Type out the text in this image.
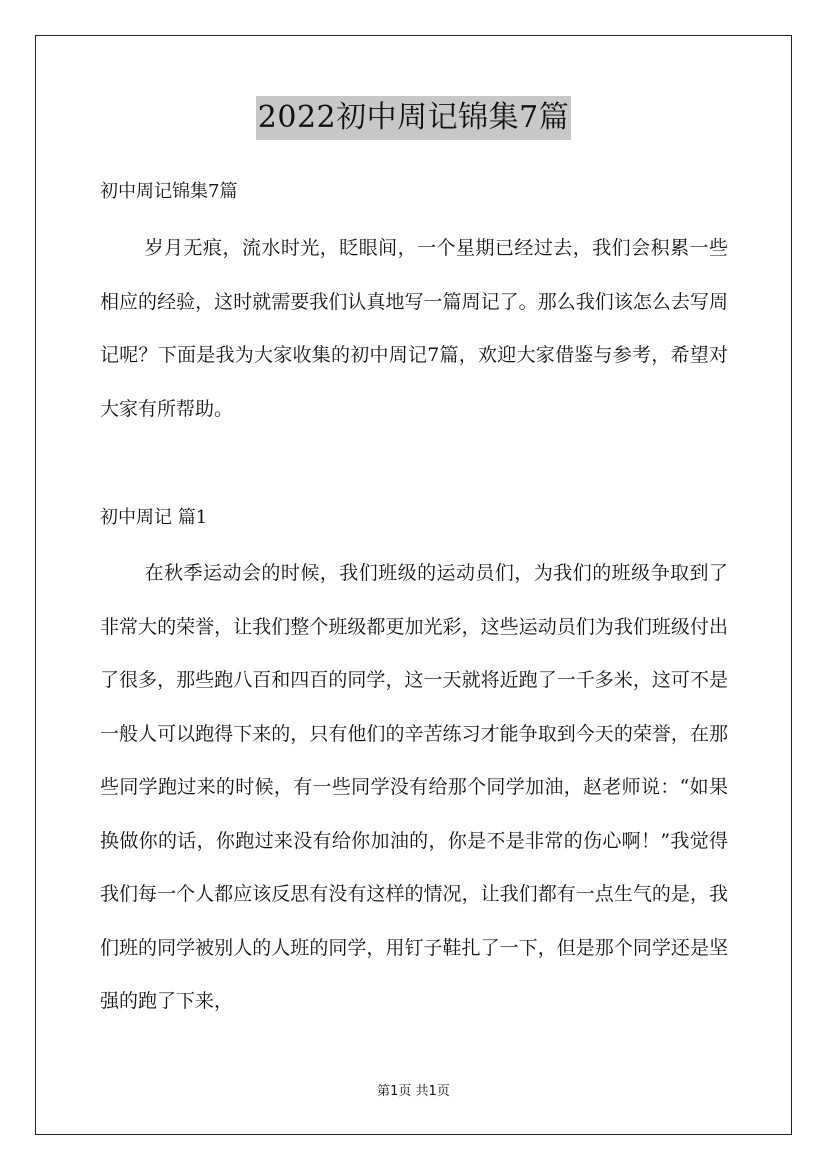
2022初中周记锦集7篇
初中周记锦集7篇

岁月无痕，流水时光，眨眼间，一个星期已经过去，我们会积累一些相应的经验，这时就需要我们认真地写一篇周记了。那么我们该怎么去写周记呢？下面是我为大家收集的初中周记7篇，欢迎大家借鉴与参考，希望对大家有所帮助。

初中周记 篇1

在秋季运动会的时候，我们班级的运动员们，为我们的班级争取到了非常大的荣誉，让我们整个班级都更加光彩，这些运动员们为我们班级付出了很多，那些跑八百和四百的同学，这一天就将近跑了一千多米，这可不是一般人可以跑得下来的，只有他们的辛苦练习才能争取到今天的荣誉，在那些同学跑过来的时候，有一些同学没有给那个同学加油，赵老师说：“如果换做你的话，你跑过来没有给你加油的，你是不是非常的伤心啊！”我觉得我们每一个人都应该反思有没有这样的情况，让我们都有一点生气的是，我们班的同学被别人的人班的同学，用钉子鞋扎了一下，但是那个同学还是坚强的跑了下来，

第1页 共1页
